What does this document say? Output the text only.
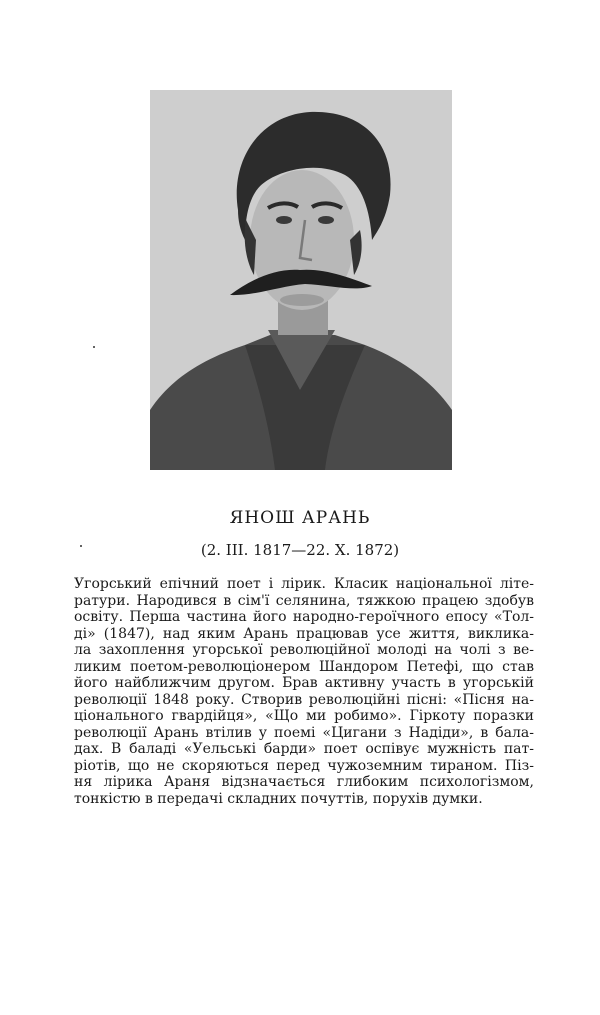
ЯНОШ АРАНЬ
(2. III. 1817—22. X. 1872)
Угорський епічний поет і лірик. Класик національної літе-
ратури. Народився в сім'ї селянина, тяжкою працею здобув
освіту. Перша частина його народно-героїчного епосу «Тол-
ді» (1847), над яким Арань працював усе життя, виклика-
ла захоплення угорської революційної молоді на чолі з ве-
ликим поетом-революціонером Шандором Петефі, що став
його найближчим другом. Брав активну участь в угорській
революції 1848 року. Створив революційні пісні: «Пісня на-
ціонального гвардійця», «Що ми робимо». Гіркоту поразки
революції Арань втілив у поемі «Цигани з Надіди», в бала-
дах. В баладі «Уельські барди» поет оспівує мужність пат-
ріотів, що не скоряються перед чужоземним тираном. Піз-
ня лірика Араня відзначається глибоким психологізмом,
тонкістю в передачі складних почуттів, порухів думки.
